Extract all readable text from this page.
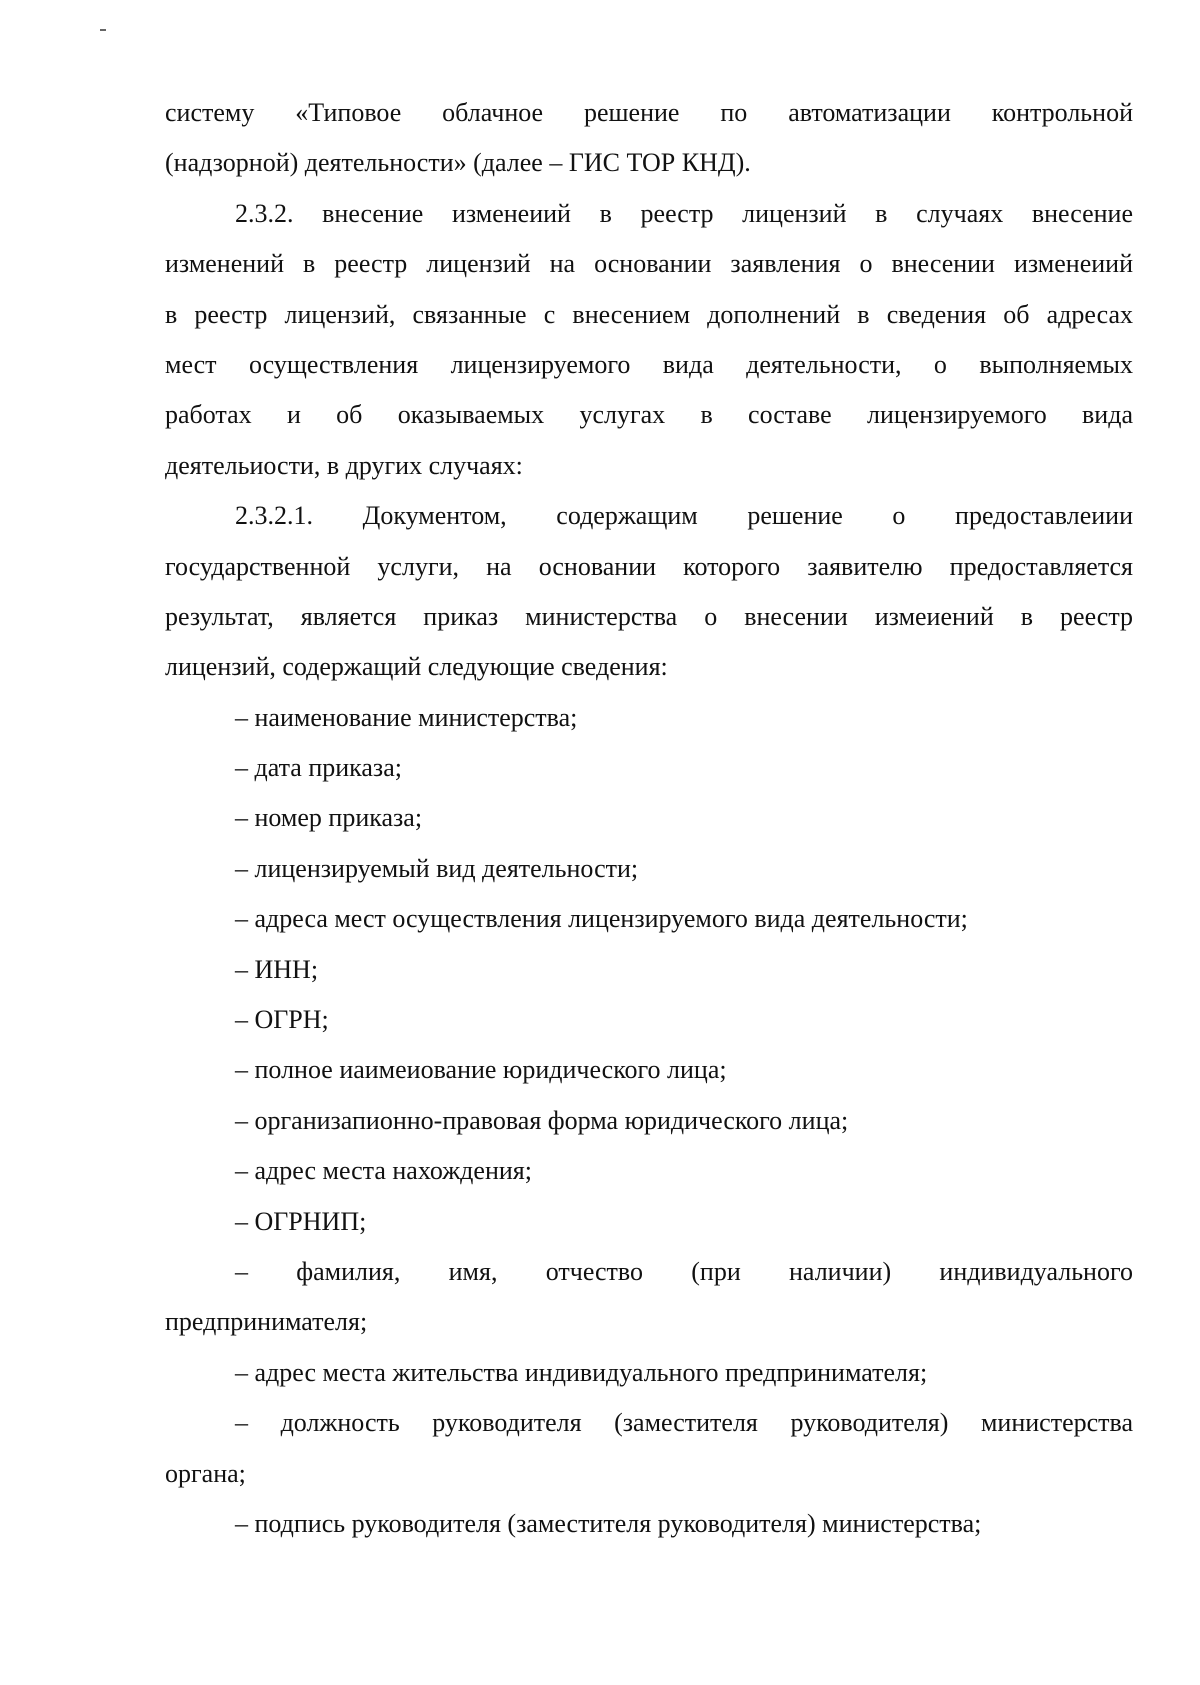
системy «Типовое облачное решение по автоматизации контрольной
(надзорной) деятельности» (далее – ГИС ТОР КНД).
2.3.2. внесение изменеиий в реестр лицензий в случаях внесение
изменений в реестр лицензий на основании заявления о внесении изменеиий
в реестр лицензий, связанные с внесением дополнений в сведения об адресах
мест осуществления лицензируемого вида деятельности, о выполняемых
работах и об оказываемых услугах в составе лицензируемого вида
деятельиости, в других случаях:
2.3.2.1. Документом, содержащим решение о предоставлеиии
государственной услуги, на основании которого заявителю предоставляется
результат, является приказ министерства о внесении измеиений в реестр
лицензий, содержащий следующие сведения:
– наименование министерства;
– дата приказа;
– номер приказа;
– лицензируемый вид деятельности;
– адреса мест осуществления лицензируемого вида деятельности;
– ИНН;
– ОГРН;
– полное иаимеиование юридического лица;
– организапионно-правовая форма юридического лица;
– адрес места нахождения;
– ОГРНИП;
– фамилия, имя, отчество (при наличии) индивидуального
предпринимателя;
– адрес места жительства индивидуального предпринимателя;
– должность руководителя (заместителя руководителя) министерства
органа;
– подпись руководителя (заместителя руководителя) министерства;
